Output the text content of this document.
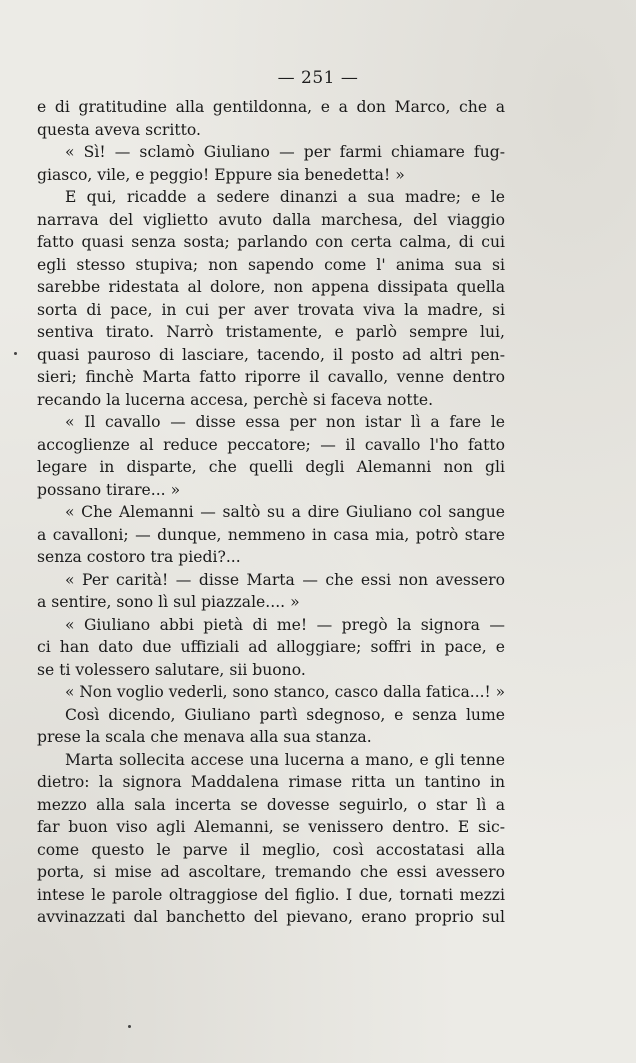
— 251 —
e di gratitudine alla gentildonna, e a don Marco, che a
questa aveva scritto.
« Sì! — sclamò Giuliano — per farmi chiamare fug-
giasco, vile, e peggio! Eppure sia benedetta! »
E qui, ricadde a sedere dinanzi a sua madre; e le
narrava del viglietto avuto dalla marchesa, del viaggio
fatto quasi senza sosta; parlando con certa calma, di cui
egli stesso stupiva; non sapendo come l' anima sua si
sarebbe ridestata al dolore, non appena dissipata quella
sorta di pace, in cui per aver trovata viva la madre, si
sentiva tirato. Narrò tristamente, e parlò sempre lui,
quasi pauroso di lasciare, tacendo, il posto ad altri pen-
sieri; finchè Marta fatto riporre il cavallo, venne dentro
recando la lucerna accesa, perchè si faceva notte.
« Il cavallo — disse essa per non istar lì a fare le
accoglienze al reduce peccatore; — il cavallo l'ho fatto
legare in disparte, che quelli degli Alemanni non gli
possano tirare... »
« Che Alemanni — saltò su a dire Giuliano col sangue
a cavalloni; — dunque, nemmeno in casa mia, potrò stare
senza costoro tra piedi?...
« Per carità! — disse Marta — che essi non avessero
a sentire, sono lì sul piazzale.... »
« Giuliano abbi pietà di me! — pregò la signora —
ci han dato due uffiziali ad alloggiare; soffri in pace, e
se ti volessero salutare, sii buono.
« Non voglio vederli, sono stanco, casco dalla fatica...! »
Così dicendo, Giuliano partì sdegnoso, e senza lume
prese la scala che menava alla sua stanza.
Marta sollecita accese una lucerna a mano, e gli tenne
dietro: la signora Maddalena rimase ritta un tantino in
mezzo alla sala incerta se dovesse seguirlo, o star lì a
far buon viso agli Alemanni, se venissero dentro. E sic-
come questo le parve il meglio, così accostatasi alla
porta, si mise ad ascoltare, tremando che essi avessero
intese le parole oltraggiose del figlio. I due, tornati mezzi
avvinazzati dal banchetto del pievano, erano proprio sul
